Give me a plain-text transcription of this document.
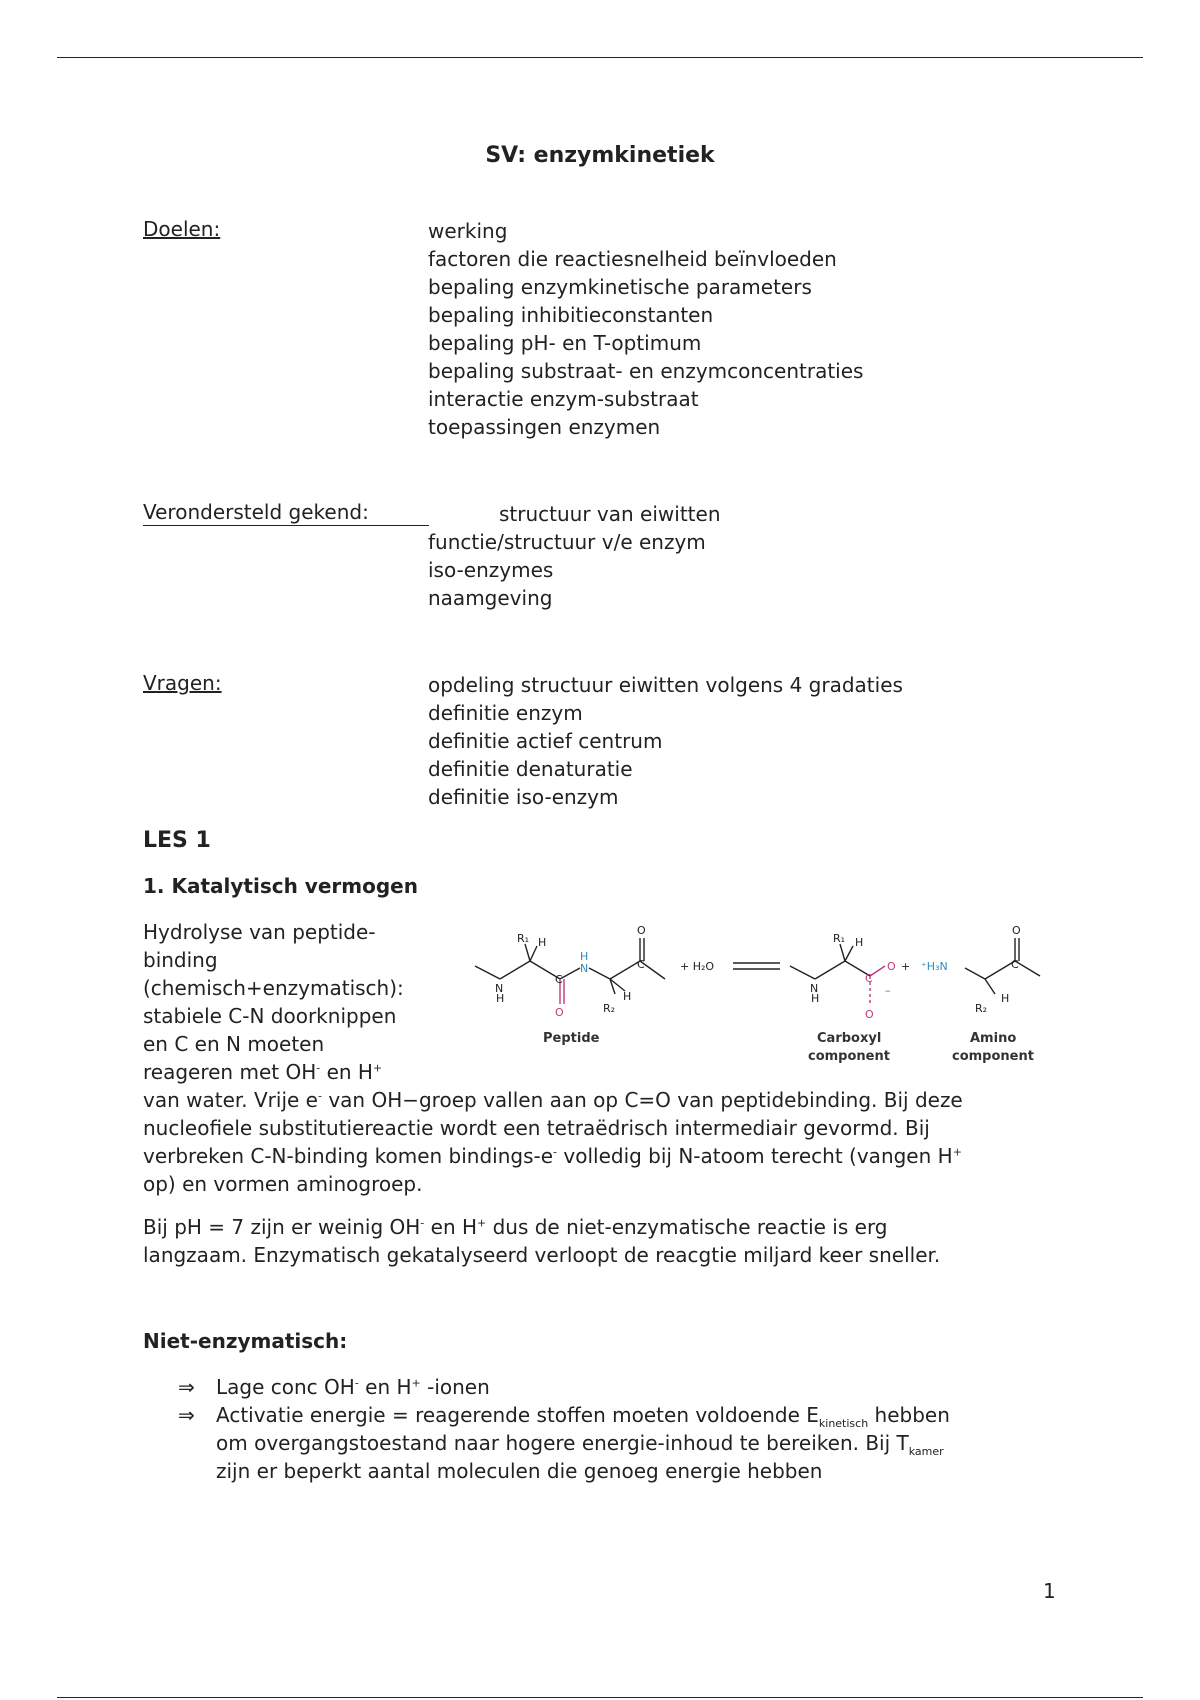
SV: enzymkinetiek
Doelen:	werking
factoren die reactiesnelheid beïnvloeden
bepaling enzymkinetische parameters
bepaling inhibitieconstanten
bepaling pH- en T-optimum
bepaling substraat- en enzymconcentraties
interactie enzym-substraat
toepassingen enzymen
Verondersteld gekend:	structuur van eiwitten
functie/structuur v/e enzym
iso-enzymes
naamgeving
Vragen:	opdeling structuur eiwitten volgens 4 gradaties
definitie enzym
definitie actief centrum
definitie denaturatie
definitie iso-enzym
LES 1
1. Katalytisch vermogen
Hydrolyse van peptide-
binding
(chemisch+enzymatisch):
stabiele C-N doorknippen
en C en N moeten
reageren met OH- en H+
R₁ H
N
H
C
O
N
H
R₂
H
O
C	+ H₂O
R₁ H
N
H
C
O
–
O
+ ⁺H₃N
O
C
H
R₂
Peptide	Carboxyl
component
Amino
component
van water. Vrije e- van OH−groep vallen aan op C=O van peptidebinding. Bij deze
nucleofiele substitutiereactie wordt een tetraëdrisch intermediair gevormd. Bij
verbreken C-N-binding komen bindings-e- volledig bij N-atoom terecht (vangen H+
op) en vormen aminogroep.
Bij pH = 7 zijn er weinig OH- en H+ dus de niet-enzymatische reactie is erg
langzaam. Enzymatisch gekatalyseerd verloopt de reacgtie miljard keer sneller.
Niet-enzymatisch:
⇒ Lage conc OH- en H+ -ionen
⇒ Activatie energie = reagerende stoffen moeten voldoende $E_{kinetisch}$ hebben
om overgangstoestand naar hogere energie-inhoud te bereiken. Bij $T_{kamer}$
zijn er beperkt aantal moleculen die genoeg energie hebben
1
